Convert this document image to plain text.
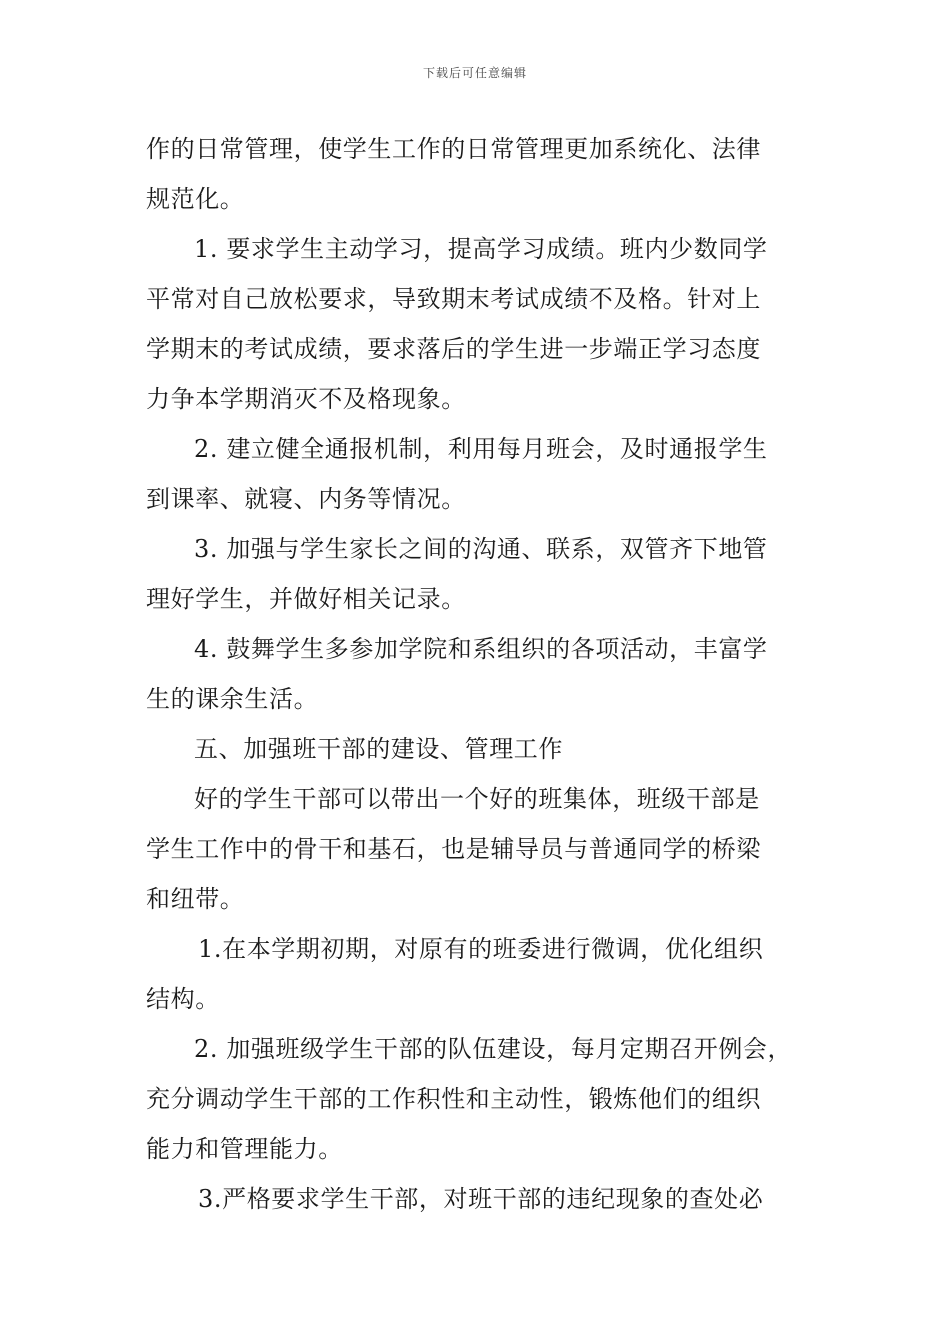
下载后可任意编辑
作的日常管理，使学生工作的日常管理更加系统化、法律
规范化。
1. 要求学生主动学习，提高学习成绩。班内少数同学
平常对自己放松要求，导致期末考试成绩不及格。针对上
学期末的考试成绩，要求落后的学生进一步端正学习态度
力争本学期消灭不及格现象。
2. 建立健全通报机制，利用每月班会，及时通报学生
到课率、就寝、内务等情况。
3. 加强与学生家长之间的沟通、联系，双管齐下地管
理好学生，并做好相关记录。
4. 鼓舞学生多参加学院和系组织的各项活动，丰富学
生的课余生活。
五、加强班干部的建设、管理工作
好的学生干部可以带出一个好的班集体，班级干部是
学生工作中的骨干和基石，也是辅导员与普通同学的桥梁
和纽带。
1.在本学期初期，对原有的班委进行微调，优化组织
结构。
2. 加强班级学生干部的队伍建设，每月定期召开例会，
充分调动学生干部的工作积性和主动性，锻炼他们的组织
能力和管理能力。
3.严格要求学生干部，对班干部的违纪现象的查处必
